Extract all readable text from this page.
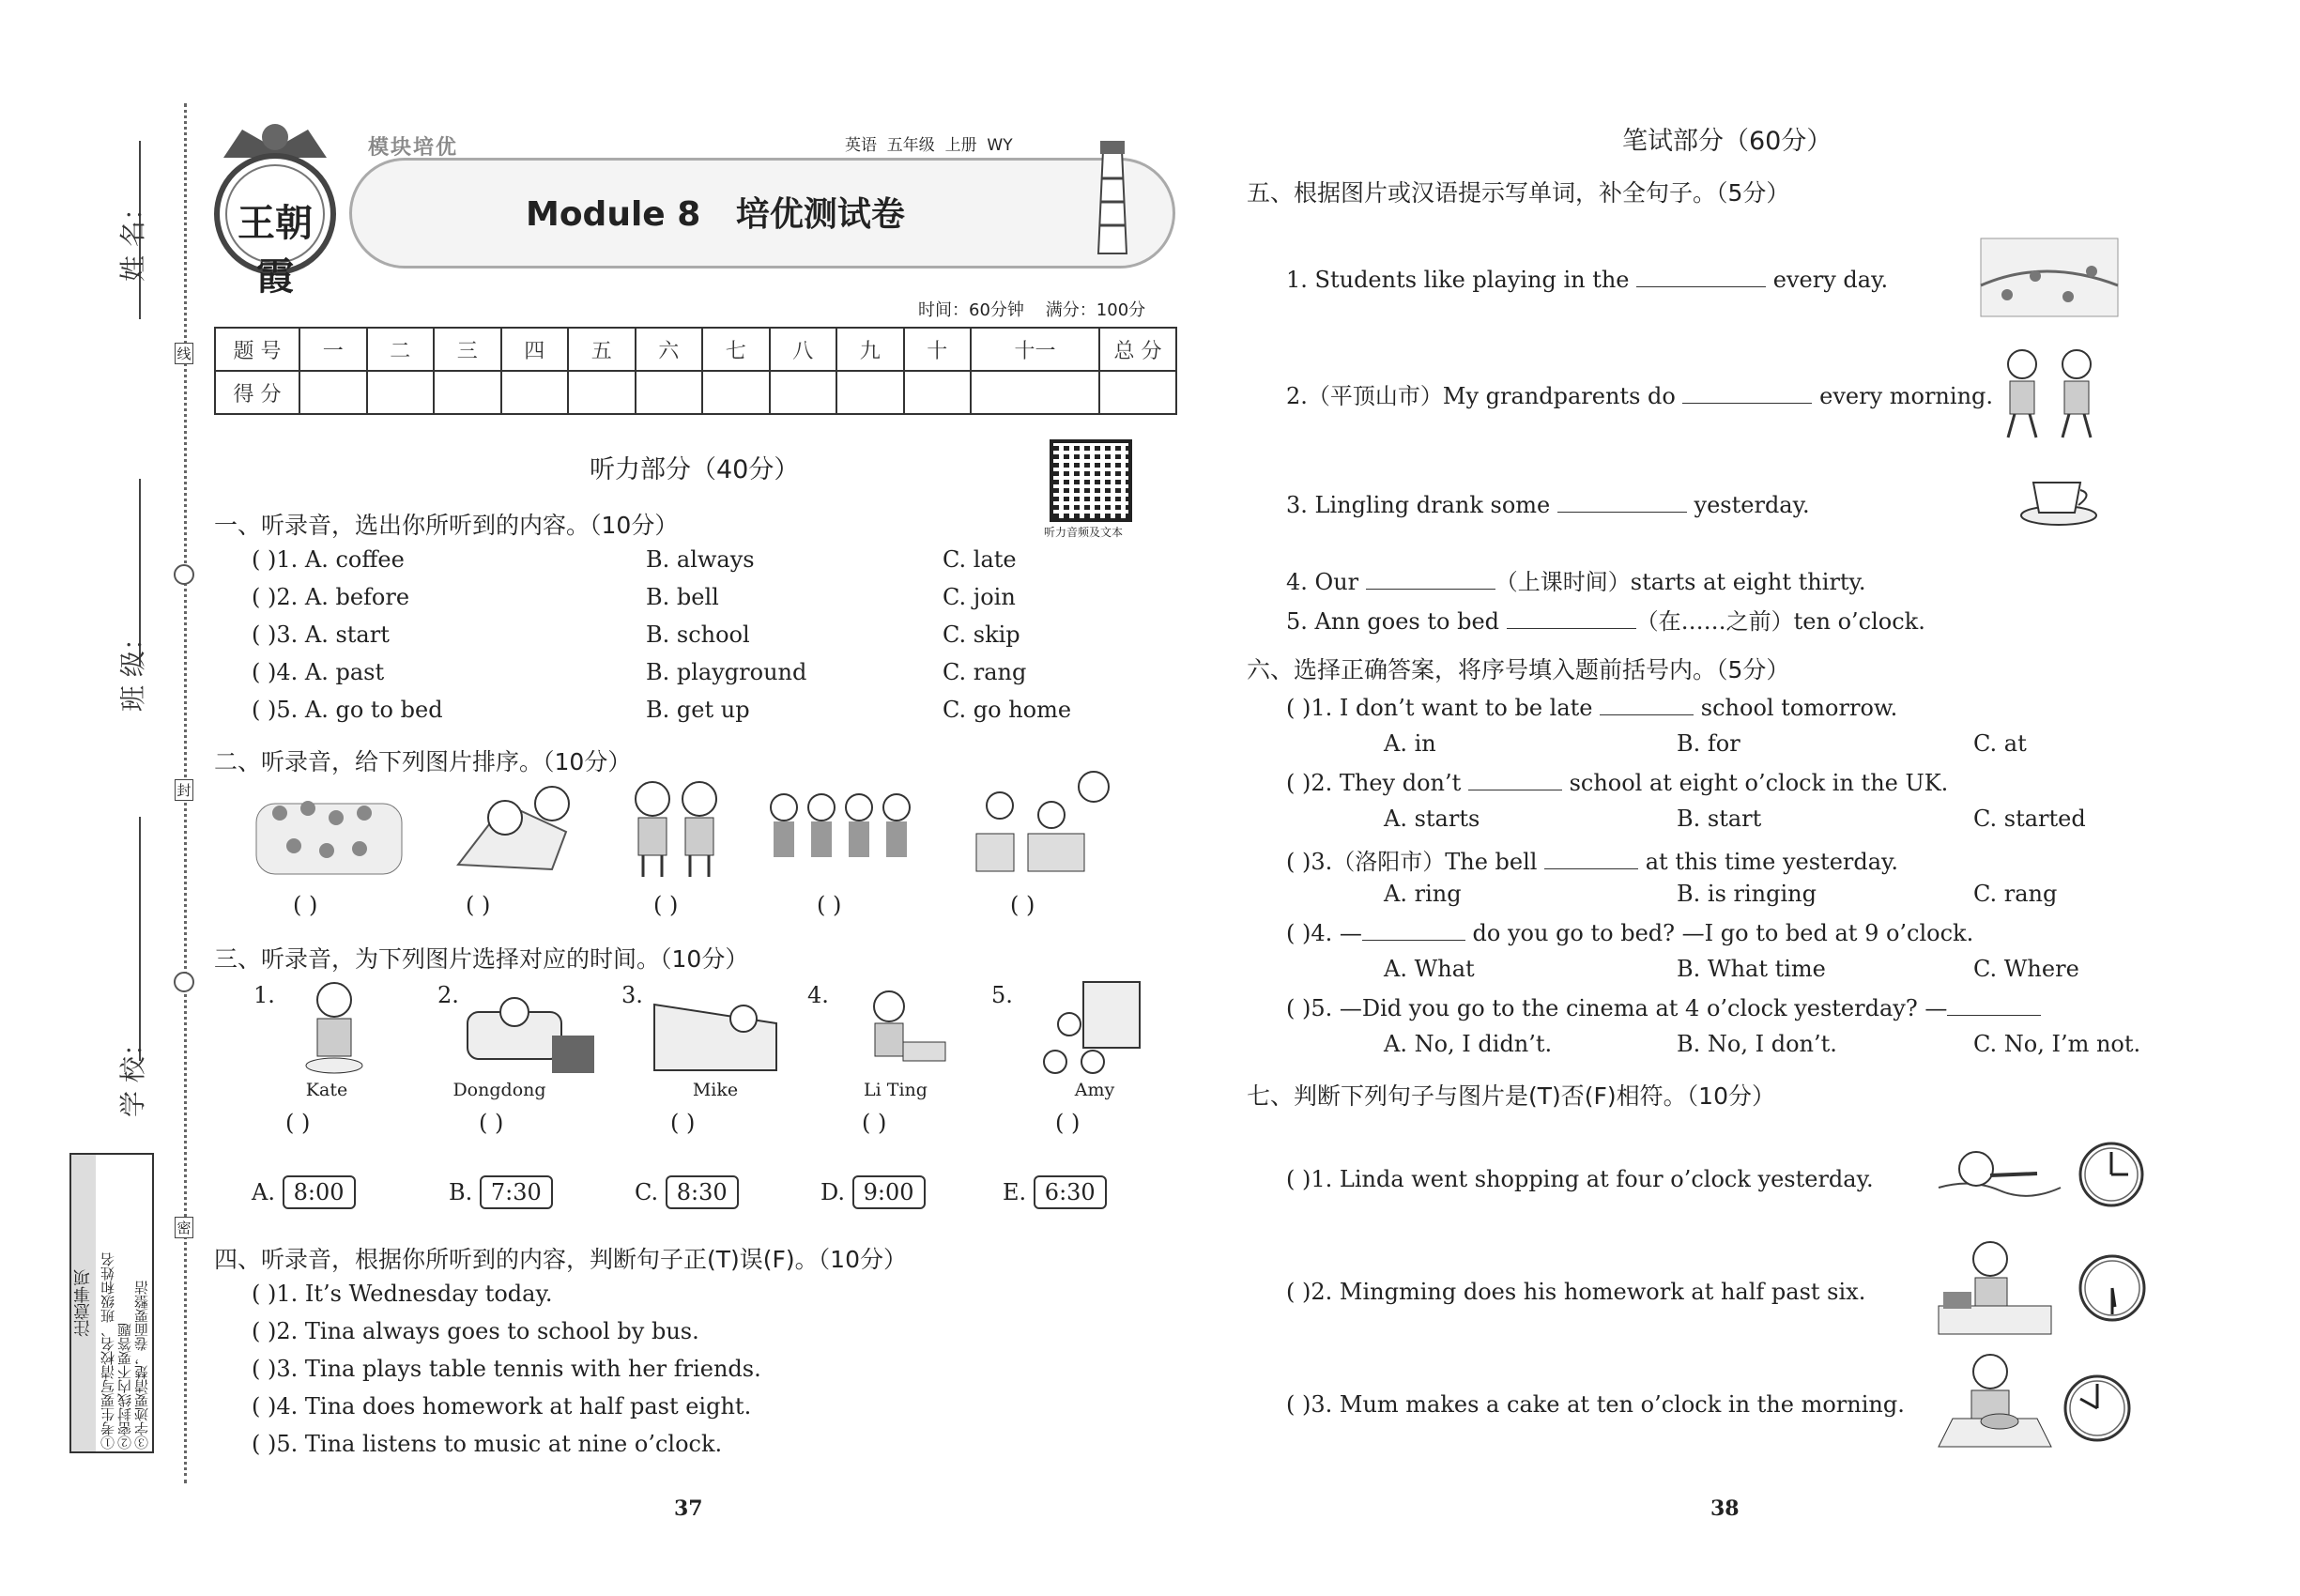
线
封
密
姓 名：
班 级：
学 校：
注意事项 ①考生要写清校名、班级和姓名 ②密封线内不要答题 ③字迹要清楚，卷面要整洁
王朝霞
模块培优	英语  五年级  上册  WY
Module 8   培优测试卷
时间：60分钟    满分：100分
题 号	一	二	三	四	五	六	七	八	九	十	十一	总 分
得 分												
听力部分（40分）
听力音频及文本
一、听录音，选出你所听到的内容。（10分）
( )1. A. coffee	B. always	C. late
( )2. A. before	B. bell	C. join
( )3. A. start	B. school	C. skip
( )4. A. past	B. playground	C. rang
( )5. A. go to bed	B. get up	C. go home
二、听录音，给下列图片排序。（10分）
( )	( )	( )	( )	( )
三、听录音，为下列图片选择对应的时间。（10分）
1.	2.	3.	4.	5.
Kate	Dongdong	Mike	Li Ting	Amy
( )	( )	( )	( )	( )
A. 8:00	B. 7:30	C. 8:30	D. 9:00	E. 6:30
四、听录音，根据你所听到的内容，判断句子正(T)误(F)。（10分）
( )1. It’s Wednesday today.
( )2. Tina always goes to school by bus.
( )3. Tina plays table tennis with her friends.
( )4. Tina does homework at half past eight.
( )5. Tina listens to music at nine o’clock.
37
笔试部分（60分）
五、根据图片或汉语提示写单词，补全句子。（5分）
1. Students like playing in the	every day.
2.（平顶山市）My grandparents do	every morning.
3. Lingling drank some	yesterday.
4. Our	（上课时间）starts at eight thirty.
5. Ann goes to bed	（在……之前）ten o’clock.
六、选择正确答案，将序号填入题前括号内。（5分）
( )1. I don’t want to be late	school tomorrow.
A. in	B. for	C. at
( )2. They don’t	school at eight o’clock in the UK.
A. starts	B. start	C. started
( )3.（洛阳市）The bell	at this time yesterday.
A. ring	B. is ringing	C. rang
( )4. —	do you go to bed? —I go to bed at 9 o’clock.
A. What	B. What time	C. Where
( )5. —Did you go to the cinema at 4 o’clock yesterday? —
A. No, I didn’t.	B. No, I don’t.	C. No, I’m not.
七、判断下列句子与图片是(T)否(F)相符。（10分）
( )1. Linda went shopping at four o’clock yesterday.
( )2. Mingming does his homework at half past six.
( )3. Mum makes a cake at ten o’clock in the morning.
38
